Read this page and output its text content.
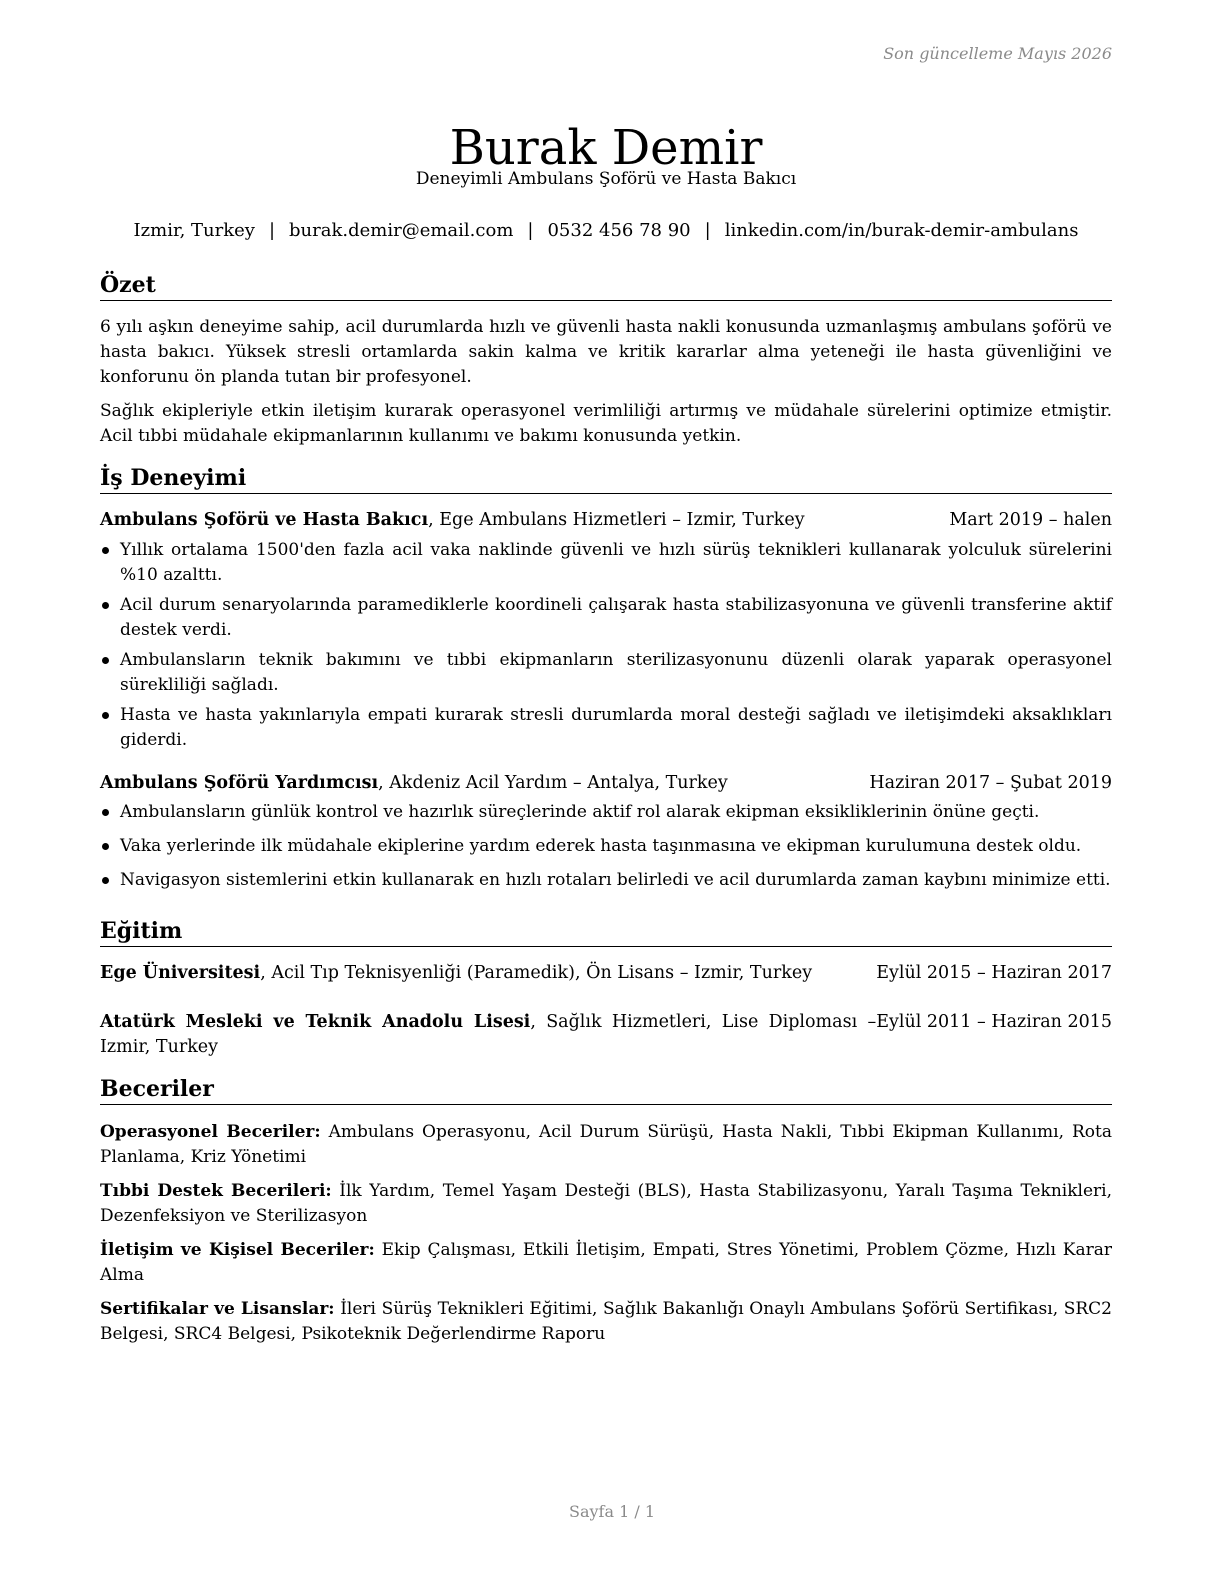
Son güncelleme Mayıs 2026
Burak Demir
Deneyimli Ambulans Şoförü ve Hasta Bakıcı
Izmir, Turkey | burak.demir@email.com | 0532 456 78 90 | linkedin.com/in/burak-demir-ambulans
Özet

6 yılı aşkın deneyime sahip, acil durumlarda hızlı ve güvenli hasta nakli konusunda uzmanlaşmış ambulans şoförü ve hasta bakıcı. Yüksek stresli ortamlarda sakin kalma ve kritik kararlar alma yeteneği ile hasta güvenliğini ve konforunu ön planda tutan bir profesyonel.

Sağlık ekipleriyle etkin iletişim kurarak operasyonel verimliliği artırmış ve müdahale sürelerini optimize etmiştir. Acil tıbbi müdahale ekipmanlarının kullanımı ve bakımı konusunda yetkin.

İş Deneyimi
Ambulans Şoförü ve Hasta Bakıcı, Ege Ambulans Hizmetleri – Izmir, Turkey	Mart 2019 – halen
Yıllık ortalama 1500'den fazla acil vaka naklinde güvenli ve hızlı sürüş teknikleri kullanarak yolculuk sürelerini %10 azalttı.
Acil durum senaryolarında paramediklerle koordineli çalışarak hasta stabilizasyonuna ve güvenli transferine aktif destek verdi.
Ambulansların teknik bakımını ve tıbbi ekipmanların sterilizasyonunu düzenli olarak yaparak operasyonel sürekliliği sağladı.
Hasta ve hasta yakınlarıyla empati kurarak stresli durumlarda moral desteği sağladı ve iletişimdeki aksaklıkları giderdi.
Ambulans Şoförü Yardımcısı, Akdeniz Acil Yardım – Antalya, Turkey	Haziran 2017 – Şubat 2019
Ambulansların günlük kontrol ve hazırlık süreçlerinde aktif rol alarak ekipman eksikliklerinin önüne geçti.
Vaka yerlerinde ilk müdahale ekiplerine yardım ederek hasta taşınmasına ve ekipman kurulumuna destek oldu.
Navigasyon sistemlerini etkin kullanarak en hızlı rotaları belirledi ve acil durumlarda zaman kaybını minimize etti.
Eğitim
Ege Üniversitesi, Acil Tıp Teknisyenliği (Paramedik), Ön Lisans – Izmir, Turkey	Eylül 2015 – Haziran 2017
Atatürk Mesleki ve Teknik Anadolu Lisesi, Sağlık Hizmetleri, Lise Diploması – Izmir, Turkey
Eylül 2011 – Haziran 2015
Beceriler

Operasyonel Beceriler: Ambulans Operasyonu, Acil Durum Sürüşü, Hasta Nakli, Tıbbi Ekipman Kullanımı, Rota Planlama, Kriz Yönetimi

Tıbbi Destek Becerileri: İlk Yardım, Temel Yaşam Desteği (BLS), Hasta Stabilizasyonu, Yaralı Taşıma Teknikleri, Dezenfeksiyon ve Sterilizasyon

İletişim ve Kişisel Beceriler: Ekip Çalışması, Etkili İletişim, Empati, Stres Yönetimi, Problem Çözme, Hızlı Karar Alma

Sertifikalar ve Lisanslar: İleri Sürüş Teknikleri Eğitimi, Sağlık Bakanlığı Onaylı Ambulans Şoförü Sertifikası, SRC2 Belgesi, SRC4 Belgesi, Psikoteknik Değerlendirme Raporu

Sayfa 1 / 1
